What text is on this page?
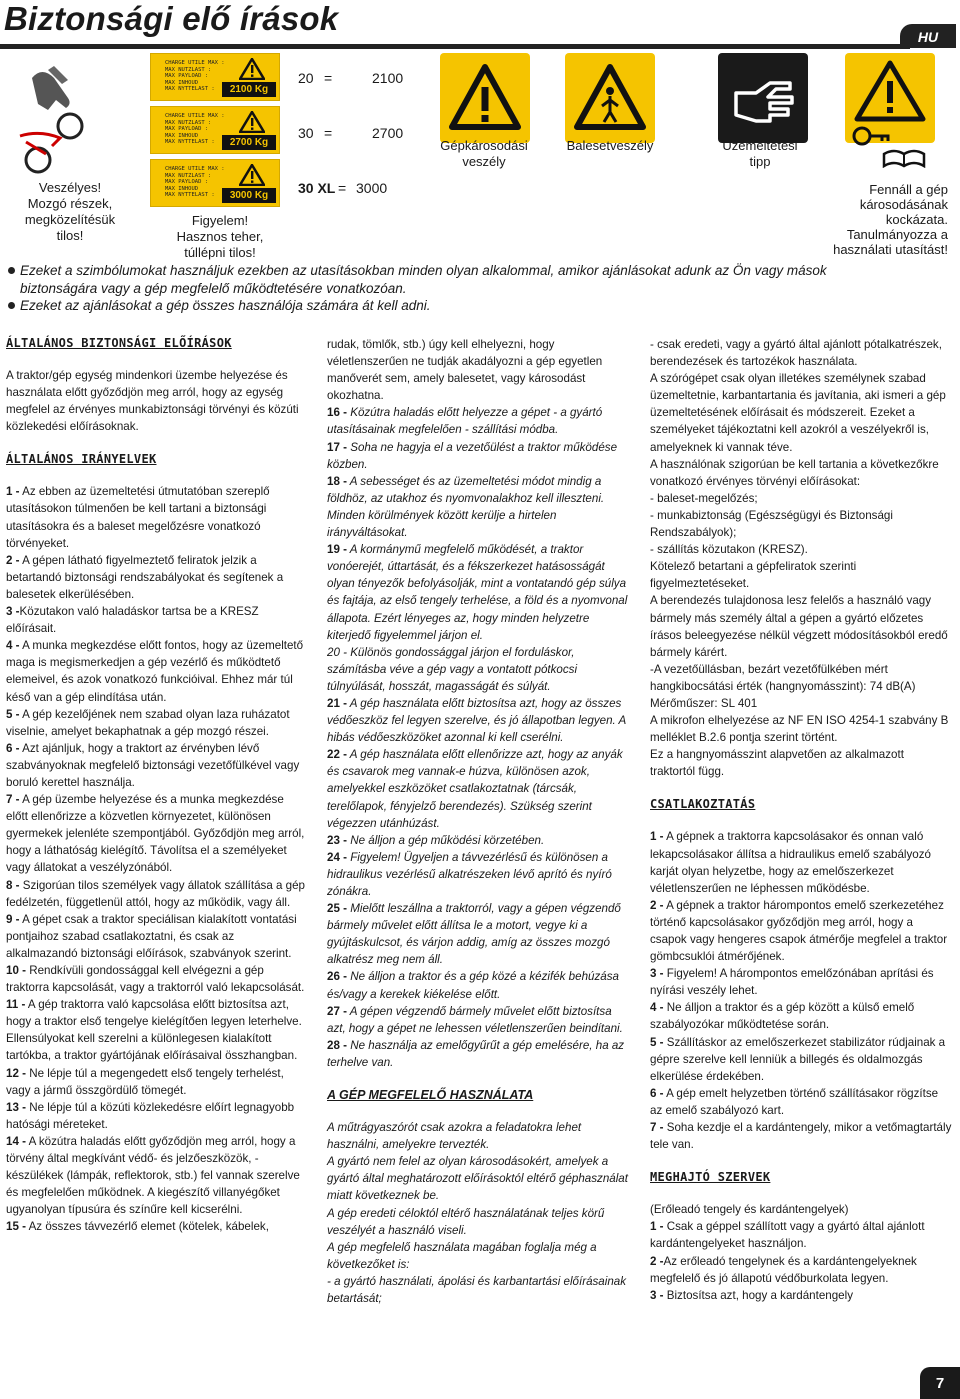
Biztonsági elő írások	HU
CHARGE UTILE MAX :
MAX NUTZLAST :
MAX PAYLOAD :
MAX INHOUD
MAX NYTTELAST :	2100 Kg
CHARGE UTILE MAX :
MAX NUTZLAST :
MAX PAYLOAD :
MAX INHOUD
MAX NYTTELAST :	2700 Kg
CHARGE UTILE MAX :
MAX NUTZLAST :
MAX PAYLOAD :
MAX INHOUD
MAX NYTTELAST :	3000 Kg
20 =	2100
30 =	2700
30 XL = 3000
Veszélyes!
Mozgó részek,
megközelítésük
tilos!
Figyelem!
Hasznos teher,
túllépni tilos!
Gépkárosodási
veszély
Balesetveszély	Üzemeltetési
tipp
Fennáll a gép
károsodásának
kockázata.
Tanulmányozza a
használati utasítást!

Ezeket a szimbólumokat használjuk ezekben az utasításokban minden olyan alkalommal, amikor ajánlásokat adunk az Ön vagy mások biztonságára vagy a gép megfelelő működtetésére vonatkozóan.

Ezeket az ajánlásokat a gép összes használója számára át kell adni.

ÁLTALÁNOS BIZTONSÁGI ELŐÍRÁSOK

A traktor/gép egység mindenkori üzembe helyezése és használata előtt győződjön meg arról, hogy az egység megfelel az érvényes munkabiztonsági törvényi és közúti közlekedési előírásoknak.

ÁLTALÁNOS IRÁNYELVEK

1 - Az ebben az üzemeltetési útmutatóban szereplő utasításokon túlmenően be kell tartani a biztonsági utasításokra és a baleset megelőzésre vonatkozó törvényeket.

2 - A gépen látható figyelmeztető feliratok jelzik a betartandó biztonsági rendszabályokat és segítenek a balesetek elkerülésében.

3 -Közutakon való haladáskor tartsa be a KRESZ előírásait.

4 - A munka megkezdése előtt fontos, hogy az üzemeltető maga is megismerkedjen a gép vezérlő és működtető elemeivel, és azok vonatkozó funkcióival. Ehhez már túl késő van a gép elindítása után.

5 - A gép kezelőjének nem szabad olyan laza ruházatot viselnie, amelyet bekaphatnak a gép mozgó részei.

6 - Azt ajánljuk, hogy a traktort az érvényben lévő szabványoknak megfelelő biztonsági vezetőfülkével vagy boruló kerettel használja.

7 - A gép üzembe helyezése és a munka megkezdése előtt ellenőrizze a közvetlen környezetet, különösen gyermekek jelenléte szempontjából. Győződjön meg arról, hogy a láthatóság kielégítő. Távolítsa el a személyeket vagy állatokat a veszélyzónából.

8 - Szigorúan tilos személyek vagy állatok szállítása a gép fedélzetén, függetlenül attól, hogy az működik, vagy áll.

9 - A gépet csak a traktor speciálisan kialakított vontatási pontjaihoz szabad csatlakoztatni, és csak az alkalmazandó biztonsági előírások, szabványok szerint.

10 - Rendkívüli gondossággal kell elvégezni a gép traktorra kapcsolását, vagy a traktorról való lekapcsolását.

11 - A gép traktorra való kapcsolása előtt biztosítsa azt, hogy a traktor első tengelye kielégítően legyen leterhelve. Ellensúlyokat kell szerelni a különlegesen kialakított tartókba, a traktor gyártójának előírásaival összhangban.

12 - Ne lépje túl a megengedett első tengely terhelést, vagy a jármű összgördülő tömegét.

13 - Ne lépje túl a közúti közlekedésre előírt legnagyobb hatósági méreteket.

14 - A közútra haladás előtt győződjön meg arról, hogy a törvény által megkívánt védő- és jelzőeszközök, -készülékek (lámpák, reflektorok, stb.) fel vannak szerelve és megfelelően működnek. A kiegészítő villanyégőket ugyanolyan típusúra és színűre kell kicserélni.

15 - Az összes távvezérlő elemet (kötelek, kábelek,

rudak, tömlők, stb.) úgy kell elhelyezni, hogy véletlenszerűen ne tudják akadályozni a gép egyetlen manőverét sem, amely balesetet, vagy károsodást okozhatna.

16 - Közútra haladás előtt helyezze a gépet - a gyártó utasításainak megfelelően - szállítási módba.

17 - Soha ne hagyja el a vezetőülést a traktor működése közben.

18 - A sebességet és az üzemeltetési módot mindig a földhöz, az utakhoz és nyomvonalakhoz kell illeszteni. Minden körülmények között kerülje a hirtelen irányváltásokat.

19 - A kormánymű megfelelő működését, a traktor vonóerejét, úttartását, és a fékszerkezet hatásosságát olyan tényezők befolyásolják, mint a vontatandó gép súlya és fajtája, az első tengely terhelése, a föld és a nyomvonal állapota. Ezért lényeges az, hogy minden helyzetre kiterjedő figyelemmel járjon el.

20 - Különös gondossággal járjon el forduláskor, számításba véve a gép vagy a vontatott pótkocsi túlnyúlását, hosszát, magasságát és súlyát.

21 - A gép használata előtt biztosítsa azt, hogy az összes védőeszköz fel legyen szerelve, és jó állapotban legyen. A hibás védőeszközöket azonnal ki kell cserélni.

22 - A gép használata előtt ellenőrizze azt, hogy az anyák és csavarok meg vannak-e húzva, különösen azok, amelyekkel eszközöket csatlakoztatnak (tárcsák, terelőlapok, fényjelző berendezés). Szükség szerint végezzen utánhúzást.

23 - Ne álljon a gép működési körzetében.

24 - Figyelem! Ügyeljen a távvezérlésű és különösen a hidraulikus vezérlésű alkatrészeken lévő aprító és nyíró zónákra.

25 - Mielőtt leszállna a traktorról, vagy a gépen végzendő bármely művelet előtt állítsa le a motort, vegye ki a gyújtáskulcsot, és várjon addig, amíg az összes mozgó alkatrész meg nem áll.

26 - Ne álljon a traktor és a gép közé a kézifék behúzása és/vagy a kerekek kiékelése előtt.

27 - A gépen végzendő bármely művelet előtt biztosítsa azt, hogy a gépet ne lehessen véletlenszerűen beindítani.

28 - Ne használja az emelőgyűrűt a gép emelésére, ha az terhelve van.

A GÉP MEGFELELŐ HASZNÁLATA

A műtrágyaszórót csak azokra a feladatokra lehet használni, amelyekre tervezték.

A gyártó nem felel az olyan károsodásokért, amelyek a gyártó által meghatározott előírásoktól eltérő géphasználat miatt következnek be.

A gép eredeti céloktól eltérő használatának teljes körű veszélyét a használó viseli.

A gép megfelelő használata magában foglalja még a következőket is:

- a gyártó használati, ápolási és karbantartási előírásainak betartását;

- csak eredeti, vagy a gyártó által ajánlott pótalkatrészek, berendezések és tartozékok használata.

A szórógépet csak olyan illetékes személynek szabad üzemeltetnie, karbantartania és javítania, aki ismeri a gép üzemeltetésének előírásait és módszereit. Ezeket a személyeket tájékoztatni kell azokról a veszélyekről is, amelyeknek ki vannak téve.

A használónak szigorúan be kell tartania a következőkre vonatkozó érvényes törvényi előírásokat:

- baleset-megelőzés;

- munkabiztonság (Egészségügyi és Biztonsági Rendszabályok);

- szállítás közutakon (KRESZ).

Kötelező betartani a gépfeliratok szerinti figyelmeztetéseket.

A berendezés tulajdonosa lesz felelős a használó vagy bármely más személy által a gépen a gyártó előzetes írásos beleegyezése nélkül végzett módosításokból eredő bármely kárért.

-A vezetőüllásban, bezárt vezetőfülkében mért hangkibocsátási érték (hangnyomásszint): 74 dB(A)

Mérőműszer: SL 401

A mikrofon elhelyezése az NF EN ISO 4254-1 szabvány B melléklet B.2.6 pontja szerint történt.

Ez a hangnyomásszint alapvetően az alkalmazott traktortól függ.

CSATLAKOZTATÁS

1 - A gépnek a traktorra kapcsolásakor és onnan való lekapcsolásakor állítsa a hidraulikus emelő szabályozó karját olyan helyzetbe, hogy az emelőszerkezet véletlenszerűen ne léphessen működésbe.

2 - A gépnek a traktor hárompontos emelő szerkezetéhez történő kapcsolásakor győződjön meg arról, hogy a csapok vagy hengeres csapok átmérője megfelel a traktor gömbcsuklói átmérőjének.

3 - Figyelem! A hárompontos emelőzónában aprítási és nyírási veszély lehet.

4 - Ne álljon a traktor és a gép között a külső emelő szabályozókar működtetése során.

5 - Szállításkor az emelőszerkezet stabilizátor rúdjainak a gépre szerelve kell lenniük a billegés és oldalmozgás elkerülése érdekében.

6 - A gép emelt helyzetben történő szállításakor rögzítse az emelő szabályozó kart.

7 - Soha kezdje el a kardántengely, mikor a vetőmagtartály tele van.

MEGHAJTÓ SZERVEK

(Erőleadó tengely és kardántengelyek)

1 - Csak a géppel szállított vagy a gyártó által ajánlott kardántengelyeket használjon.

2 -Az erőleadó tengelynek és a kardántengelyeknek megfelelő és jó állapotú védőburkolata legyen.

3 - Biztosítsa azt, hogy a kardántengely

7
